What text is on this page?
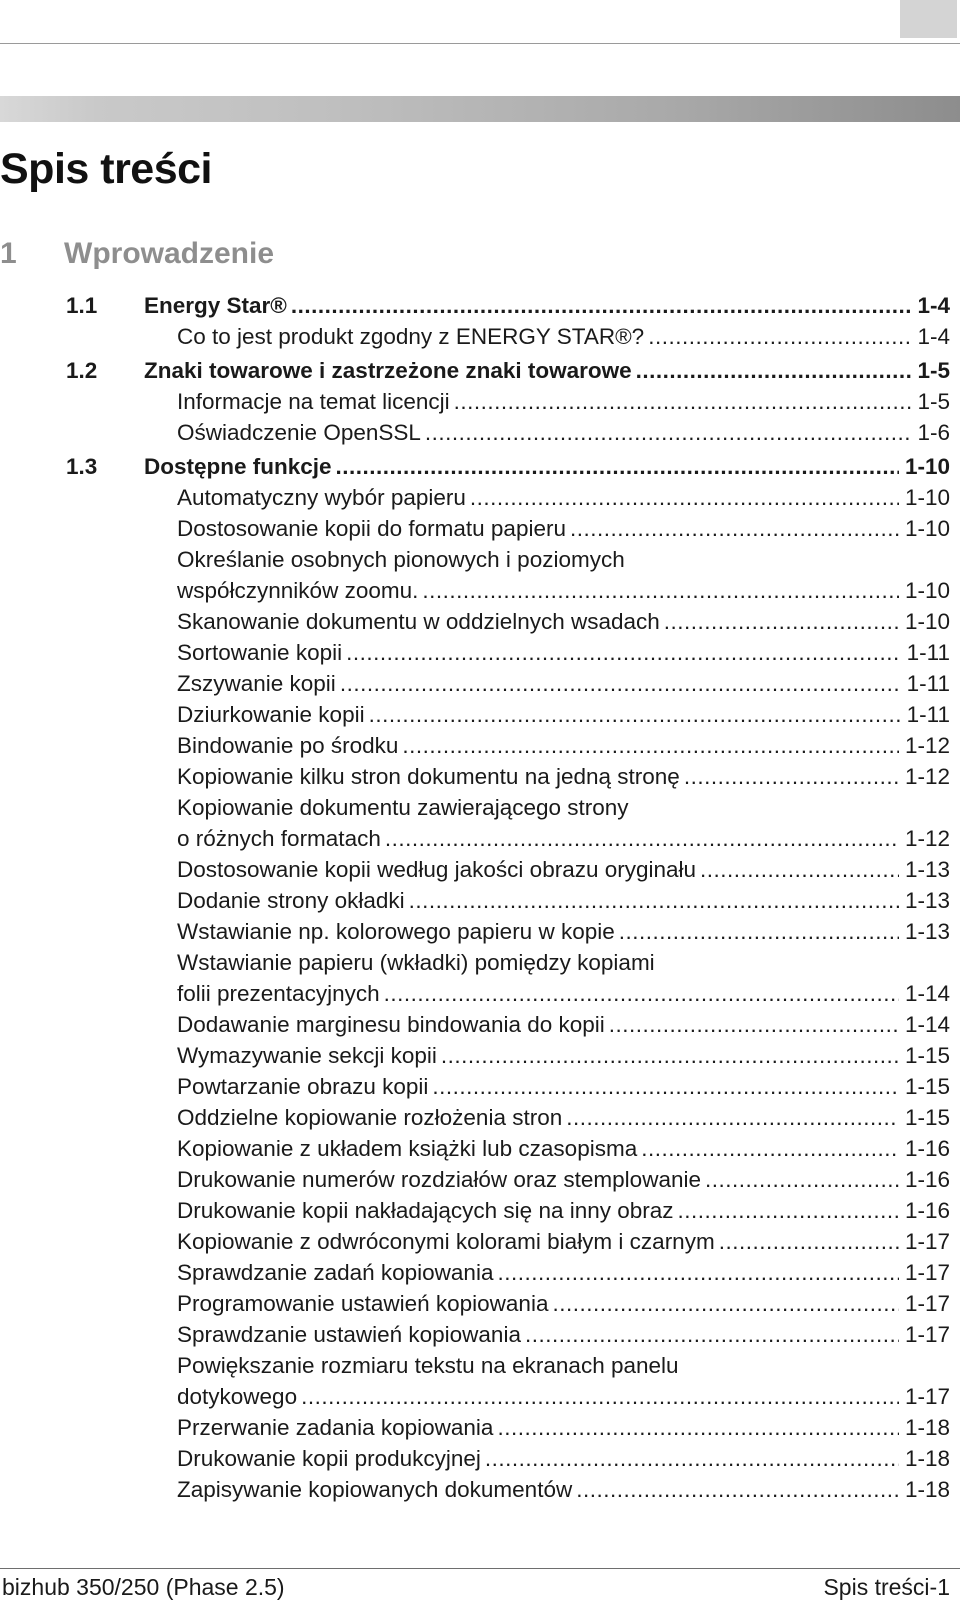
Spis treści
1 Wprowadzenie
1.1 Energy Star® .....	1-4
Co to jest produkt zgodny z ENERGY STAR®? .....	1-4
1.2 Znaki towarowe i zastrzeżone znaki towarowe .....	1-5
Informacje na temat licencji .....	1-5
Oświadczenie OpenSSL .....	1-6
1.3 Dostępne funkcje .....	1-10
Automatyczny wybór papieru .....	1-10
Dostosowanie kopii do formatu papieru .....	1-10
Określanie osobnych pionowych i poziomych
współczynników zoomu. .....	1-10
Skanowanie dokumentu w oddzielnych wsadach .....	1-10
Sortowanie kopii .....	1-11
Zszywanie kopii .....	1-11
Dziurkowanie kopii .....	1-11
Bindowanie po środku .....	1-12
Kopiowanie kilku stron dokumentu na jedną stronę .....	1-12
Kopiowanie dokumentu zawierającego strony
o różnych formatach .....	1-12
Dostosowanie kopii według jakości obrazu oryginału .....	1-13
Dodanie strony okładki .....	1-13
Wstawianie np. kolorowego papieru w kopie .....	1-13
Wstawianie papieru (wkładki) pomiędzy kopiami
folii prezentacyjnych .....	1-14
Dodawanie marginesu bindowania do kopii .....	1-14
Wymazywanie sekcji kopii .....	1-15
Powtarzanie obrazu kopii .....	1-15
Oddzielne kopiowanie rozłożenia stron .....	1-15
Kopiowanie z układem książki lub czasopisma .....	1-16
Drukowanie numerów rozdziałów oraz stemplowanie .....	1-16
Drukowanie kopii nakładających się na inny obraz .....	1-16
Kopiowanie z odwróconymi kolorami białym i czarnym .....	1-17
Sprawdzanie zadań kopiowania .....	1-17
Programowanie ustawień kopiowania .....	1-17
Sprawdzanie ustawień kopiowania .....	1-17
Powiększanie rozmiaru tekstu na ekranach panelu
dotykowego .....	1-17
Przerwanie zadania kopiowania .....	1-18
Drukowanie kopii produkcyjnej .....	1-18
Zapisywanie kopiowanych dokumentów .....	1-18
bizhub 350/250 (Phase 2.5)	Spis treści-1
